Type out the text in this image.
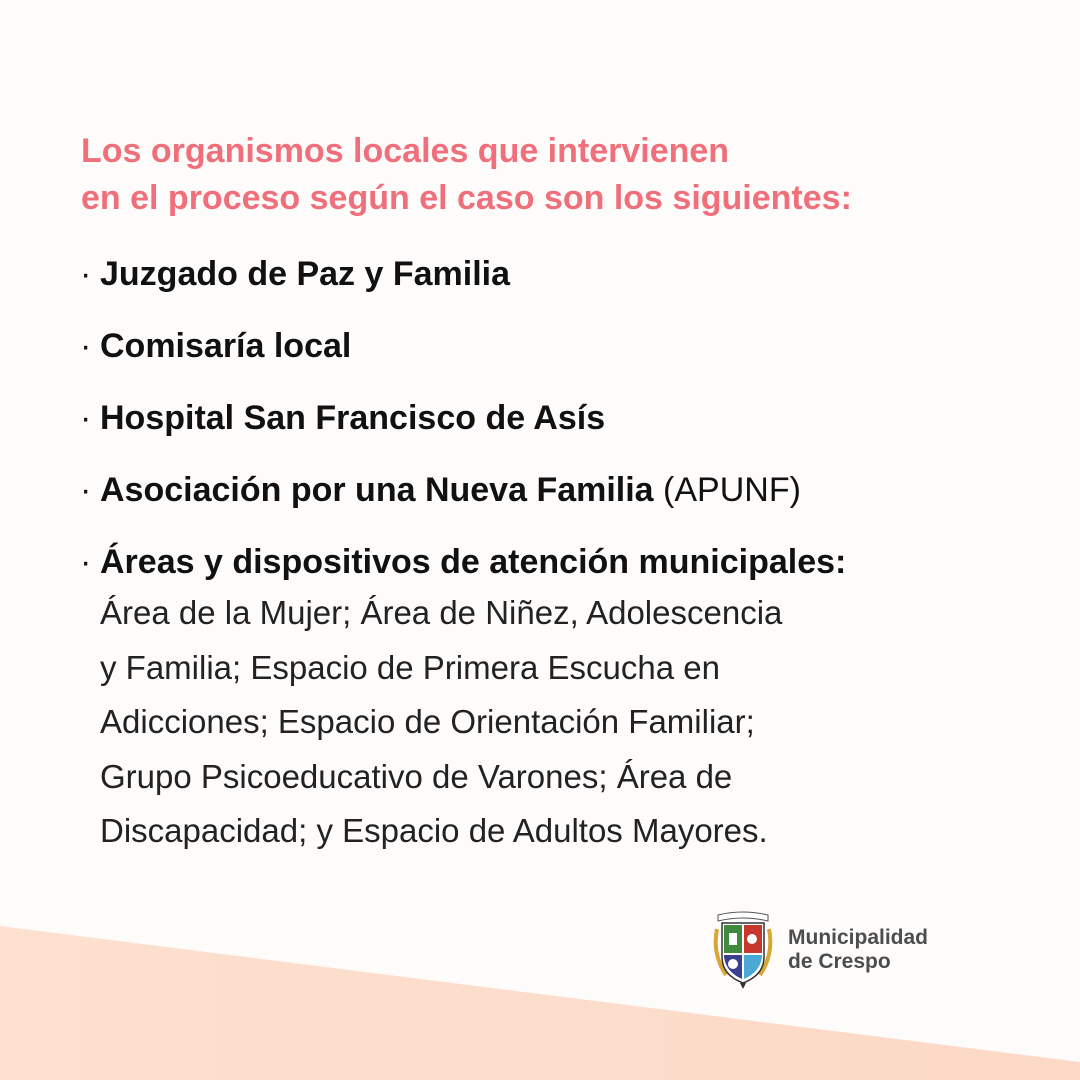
Los organismos locales que intervienen
en el proceso según el caso son los siguientes:
· Juzgado de Paz y Familia
· Comisaría local
· Hospital San Francisco de Asís
· Asociación por una Nueva Familia (APUNF)
· Áreas y dispositivos de atención municipales:
Área de la Mujer; Área de Niñez, Adolescencia
y Familia; Espacio de Primera Escucha en
Adicciones; Espacio de Orientación Familiar;
Grupo Psicoeducativo de Varones; Área de
Discapacidad; y Espacio de Adultos Mayores.
Municipalidad
de Crespo
